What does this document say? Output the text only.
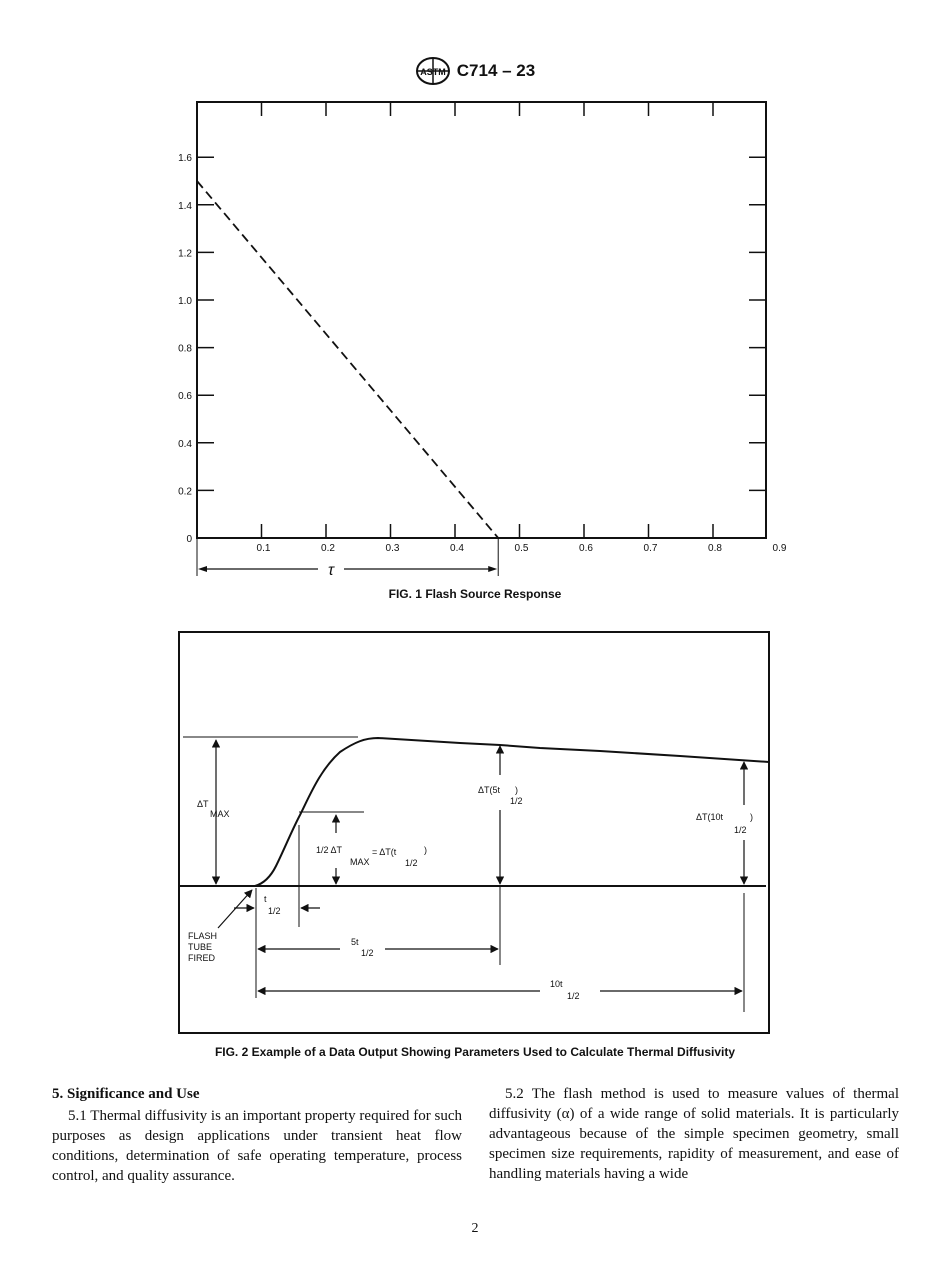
ASTM C714 – 23
0.1	0.2	0.3	0.4	0.5	0.6	0.7	0.8	0.9
0
0.2
0.4
0.6
0.8
1.0
1.2
1.4
1.6
τ
FIG. 1 Flash Source Response
ΔT
MAX
1/2 ΔT
MAX
= ΔT(t
1/2
)
ΔT(5t )
1/2
ΔT(10t	)
1/2
t
1/2
FLASH
TUBE
FIRED
5t
1/2
10t
1/2
FIG. 2 Example of a Data Output Showing Parameters Used to Calculate Thermal Diffusivity

5. Significance and Use

5.1 Thermal diffusivity is an important property required for such purposes as design applications under transient heat flow conditions, determination of safe operating temperature, process control, and quality assurance.

5.2 The flash method is used to measure values of thermal diffusivity (α) of a wide range of solid materials. It is particularly advantageous because of the simple specimen geometry, small specimen size requirements, rapidity of measurement, and ease of handling materials having a wide

2
